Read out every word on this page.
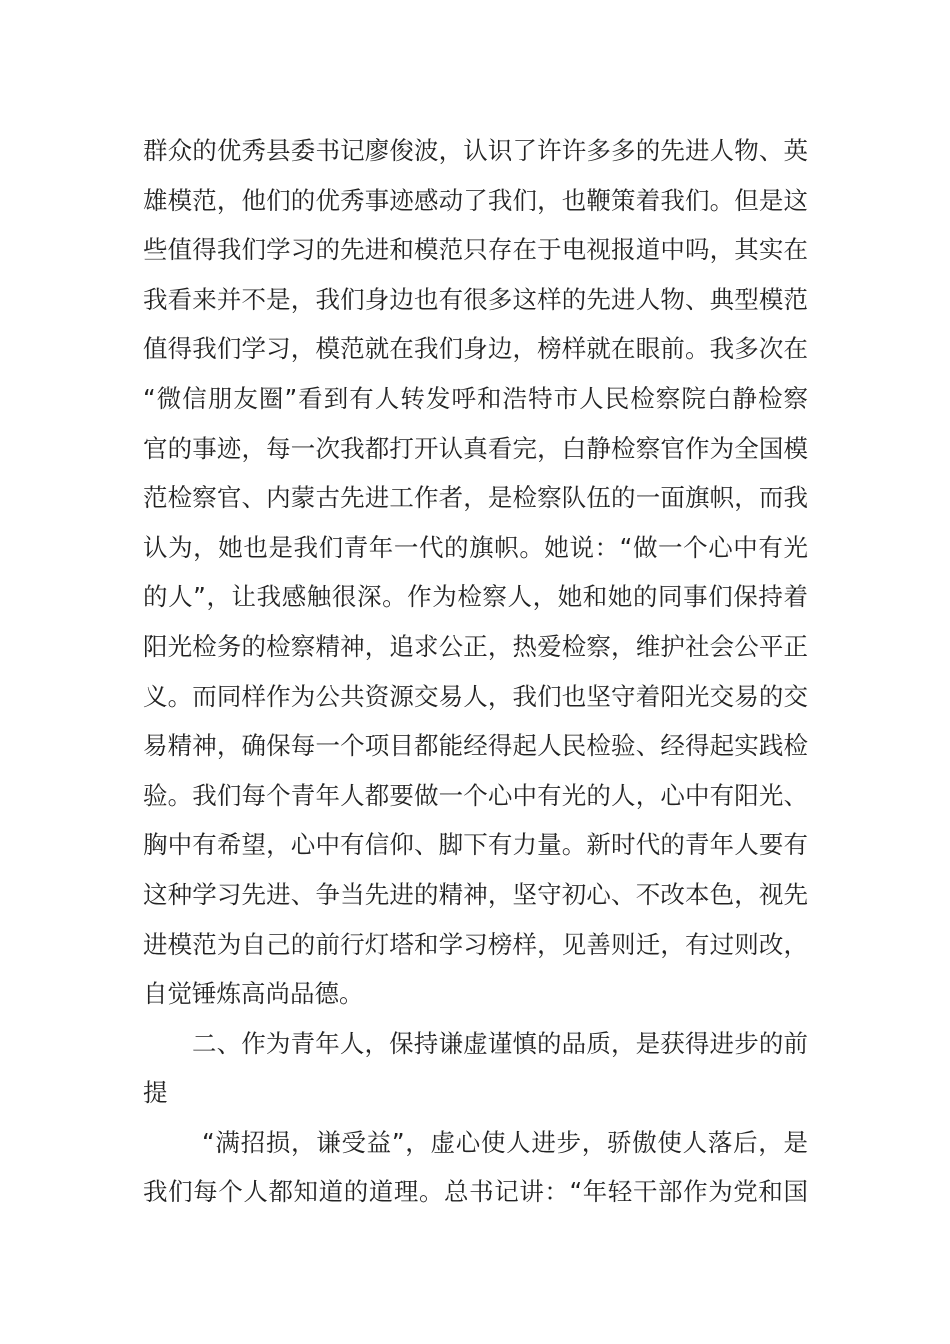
群众的优秀县委书记廖俊波，认识了许许多多的先进人物、英
雄模范，他们的优秀事迹感动了我们，也鞭策着我们。但是这
些值得我们学习的先进和模范只存在于电视报道中吗，其实在
我看来并不是，我们身边也有很多这样的先进人物、典型模范
值得我们学习，模范就在我们身边，榜样就在眼前。我多次在
“微信朋友圈”看到有人转发呼和浩特市人民检察院白静检察
官的事迹，每一次我都打开认真看完，白静检察官作为全国模
范检察官、内蒙古先进工作者，是检察队伍的一面旗帜，而我
认为，她也是我们青年一代的旗帜。她说：“做一个心中有光
的人”，让我感触很深。作为检察人，她和她的同事们保持着
阳光检务的检察精神，追求公正，热爱检察，维护社会公平正
义。而同样作为公共资源交易人，我们也坚守着阳光交易的交
易精神，确保每一个项目都能经得起人民检验、经得起实践检
验。我们每个青年人都要做一个心中有光的人，心中有阳光、
胸中有希望，心中有信仰、脚下有力量。新时代的青年人要有
这种学习先进、争当先进的精神，坚守初心、不改本色，视先
进模范为自己的前行灯塔和学习榜样，见善则迁，有过则改，
自觉锤炼高尚品德。
二、作为青年人，保持谦虚谨慎的品质，是获得进步的前
提
“满招损，谦受益”，虚心使人进步，骄傲使人落后，是
我们每个人都知道的道理。总书记讲：“年轻干部作为党和国
